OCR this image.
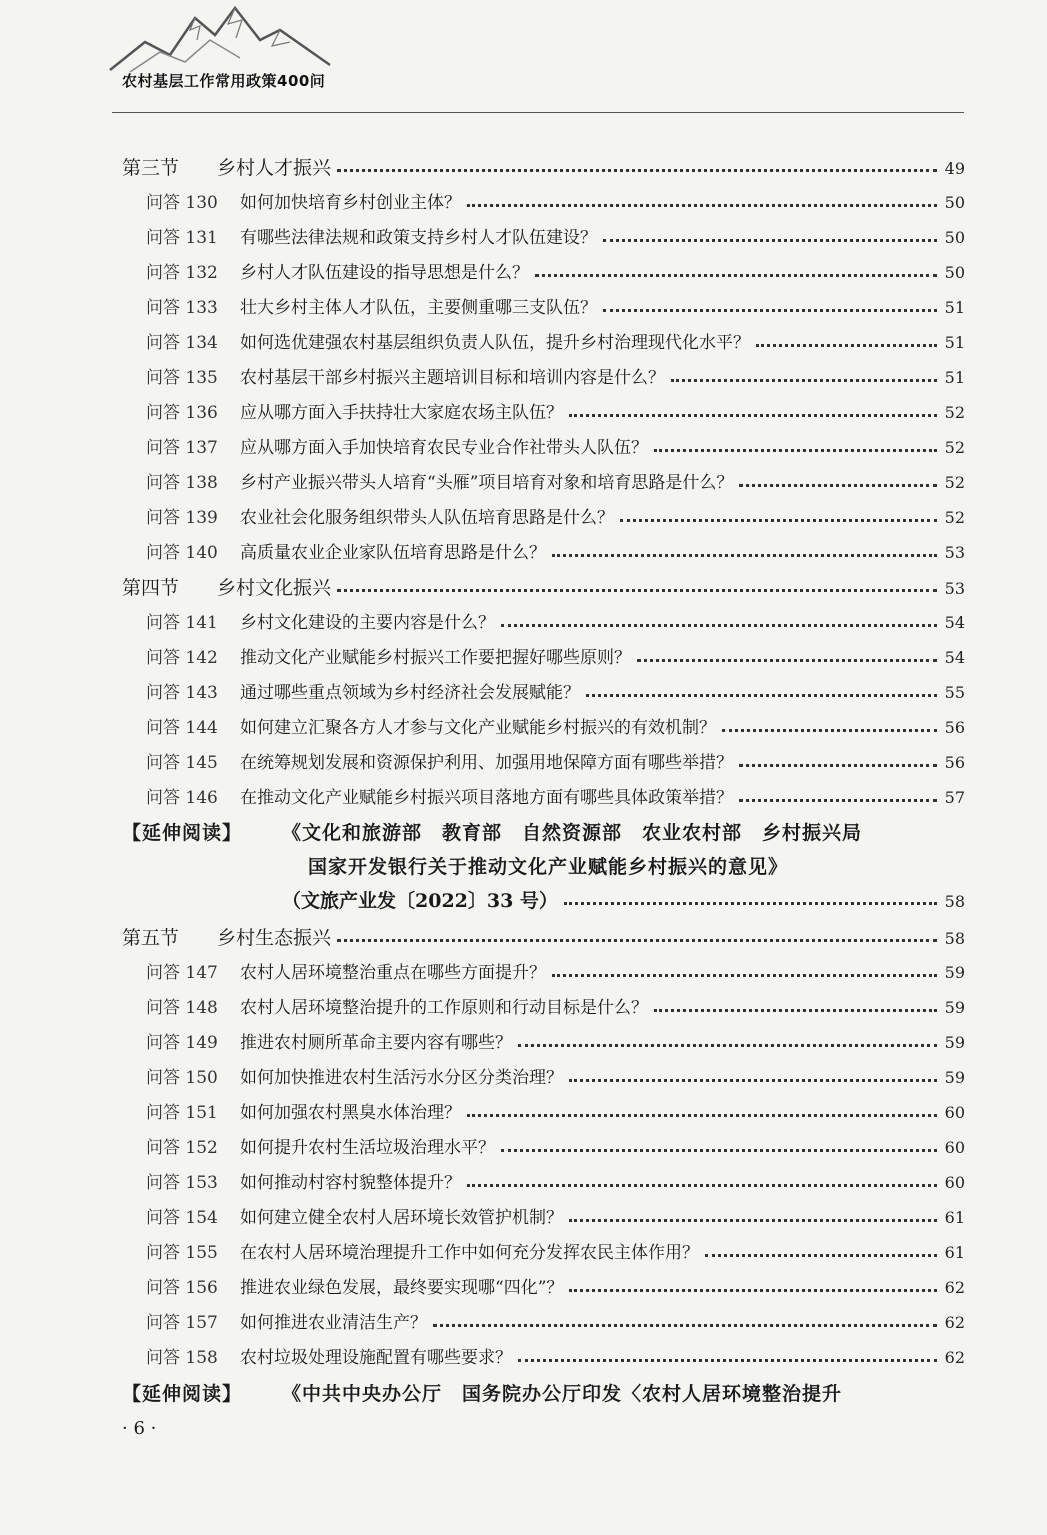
农村基层工作常用政策400问
第三节	乡村人才振兴	49
问答 130	如何加快培育乡村创业主体？	50
问答 131	有哪些法律法规和政策支持乡村人才队伍建设？	50
问答 132	乡村人才队伍建设的指导思想是什么？	50
问答 133	壮大乡村主体人才队伍，主要侧重哪三支队伍？	51
问答 134	如何选优建强农村基层组织负责人队伍，提升乡村治理现代化水平？	51
问答 135	农村基层干部乡村振兴主题培训目标和培训内容是什么？	51
问答 136	应从哪方面入手扶持壮大家庭农场主队伍？	52
问答 137	应从哪方面入手加快培育农民专业合作社带头人队伍？	52
问答 138	乡村产业振兴带头人培育“头雁”项目培育对象和培育思路是什么？	52
问答 139	农业社会化服务组织带头人队伍培育思路是什么？	52
问答 140	高质量农业企业家队伍培育思路是什么？	53
第四节	乡村文化振兴	53
问答 141	乡村文化建设的主要内容是什么？	54
问答 142	推动文化产业赋能乡村振兴工作要把握好哪些原则？	54
问答 143	通过哪些重点领域为乡村经济社会发展赋能？	55
问答 144	如何建立汇聚各方人才参与文化产业赋能乡村振兴的有效机制？	56
问答 145	在统筹规划发展和资源保护利用、加强用地保障方面有哪些举措？	56
问答 146	在推动文化产业赋能乡村振兴项目落地方面有哪些具体政策举措？	57
【延伸阅读】 《文化和旅游部　教育部　自然资源部　农业农村部　乡村振兴局
国家开发银行关于推动文化产业赋能乡村振兴的意见》
（文旅产业发〔2022〕33 号）	58
第五节	乡村生态振兴	58
问答 147	农村人居环境整治重点在哪些方面提升？	59
问答 148	农村人居环境整治提升的工作原则和行动目标是什么？	59
问答 149	推进农村厕所革命主要内容有哪些？	59
问答 150	如何加快推进农村生活污水分区分类治理？	59
问答 151	如何加强农村黑臭水体治理？	60
问答 152	如何提升农村生活垃圾治理水平？	60
问答 153	如何推动村容村貌整体提升？	60
问答 154	如何建立健全农村人居环境长效管护机制？	61
问答 155	在农村人居环境治理提升工作中如何充分发挥农民主体作用？	61
问答 156	推进农业绿色发展，最终要实现哪“四化”？	62
问答 157	如何推进农业清洁生产？	62
问答 158	农村垃圾处理设施配置有哪些要求？	62
【延伸阅读】 《中共中央办公厅　国务院办公厅印发〈农村人居环境整治提升
· 6 ·
